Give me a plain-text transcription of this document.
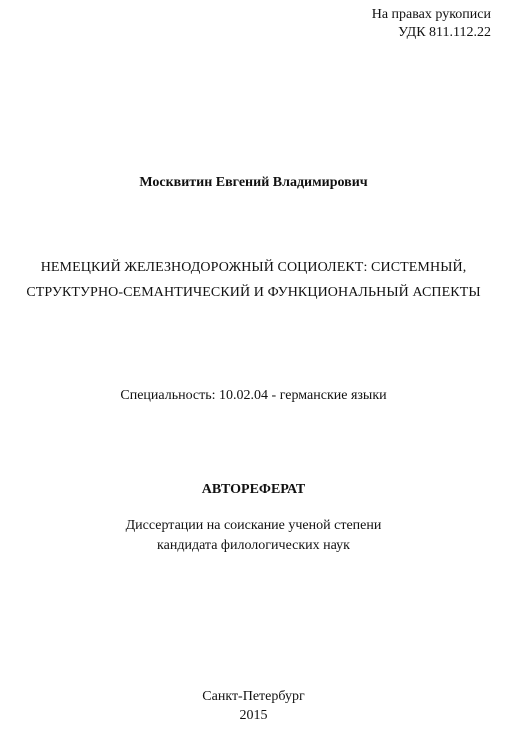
На правах рукописи
УДК 811.112.22
Москвитин Евгений Владимирович
НЕМЕЦКИЙ ЖЕЛЕЗНОДОРОЖНЫЙ СОЦИОЛЕКТ: СИСТЕМНЫЙ,
СТРУКТУРНО-СЕМАНТИЧЕСКИЙ И ФУНКЦИОНАЛЬНЫЙ АСПЕКТЫ
Специальность: 10.02.04 - германские языки
АВТОРЕФЕРАТ
Диссертации на соискание ученой степени
кандидата филологических наук
Санкт-Петербург
2015
